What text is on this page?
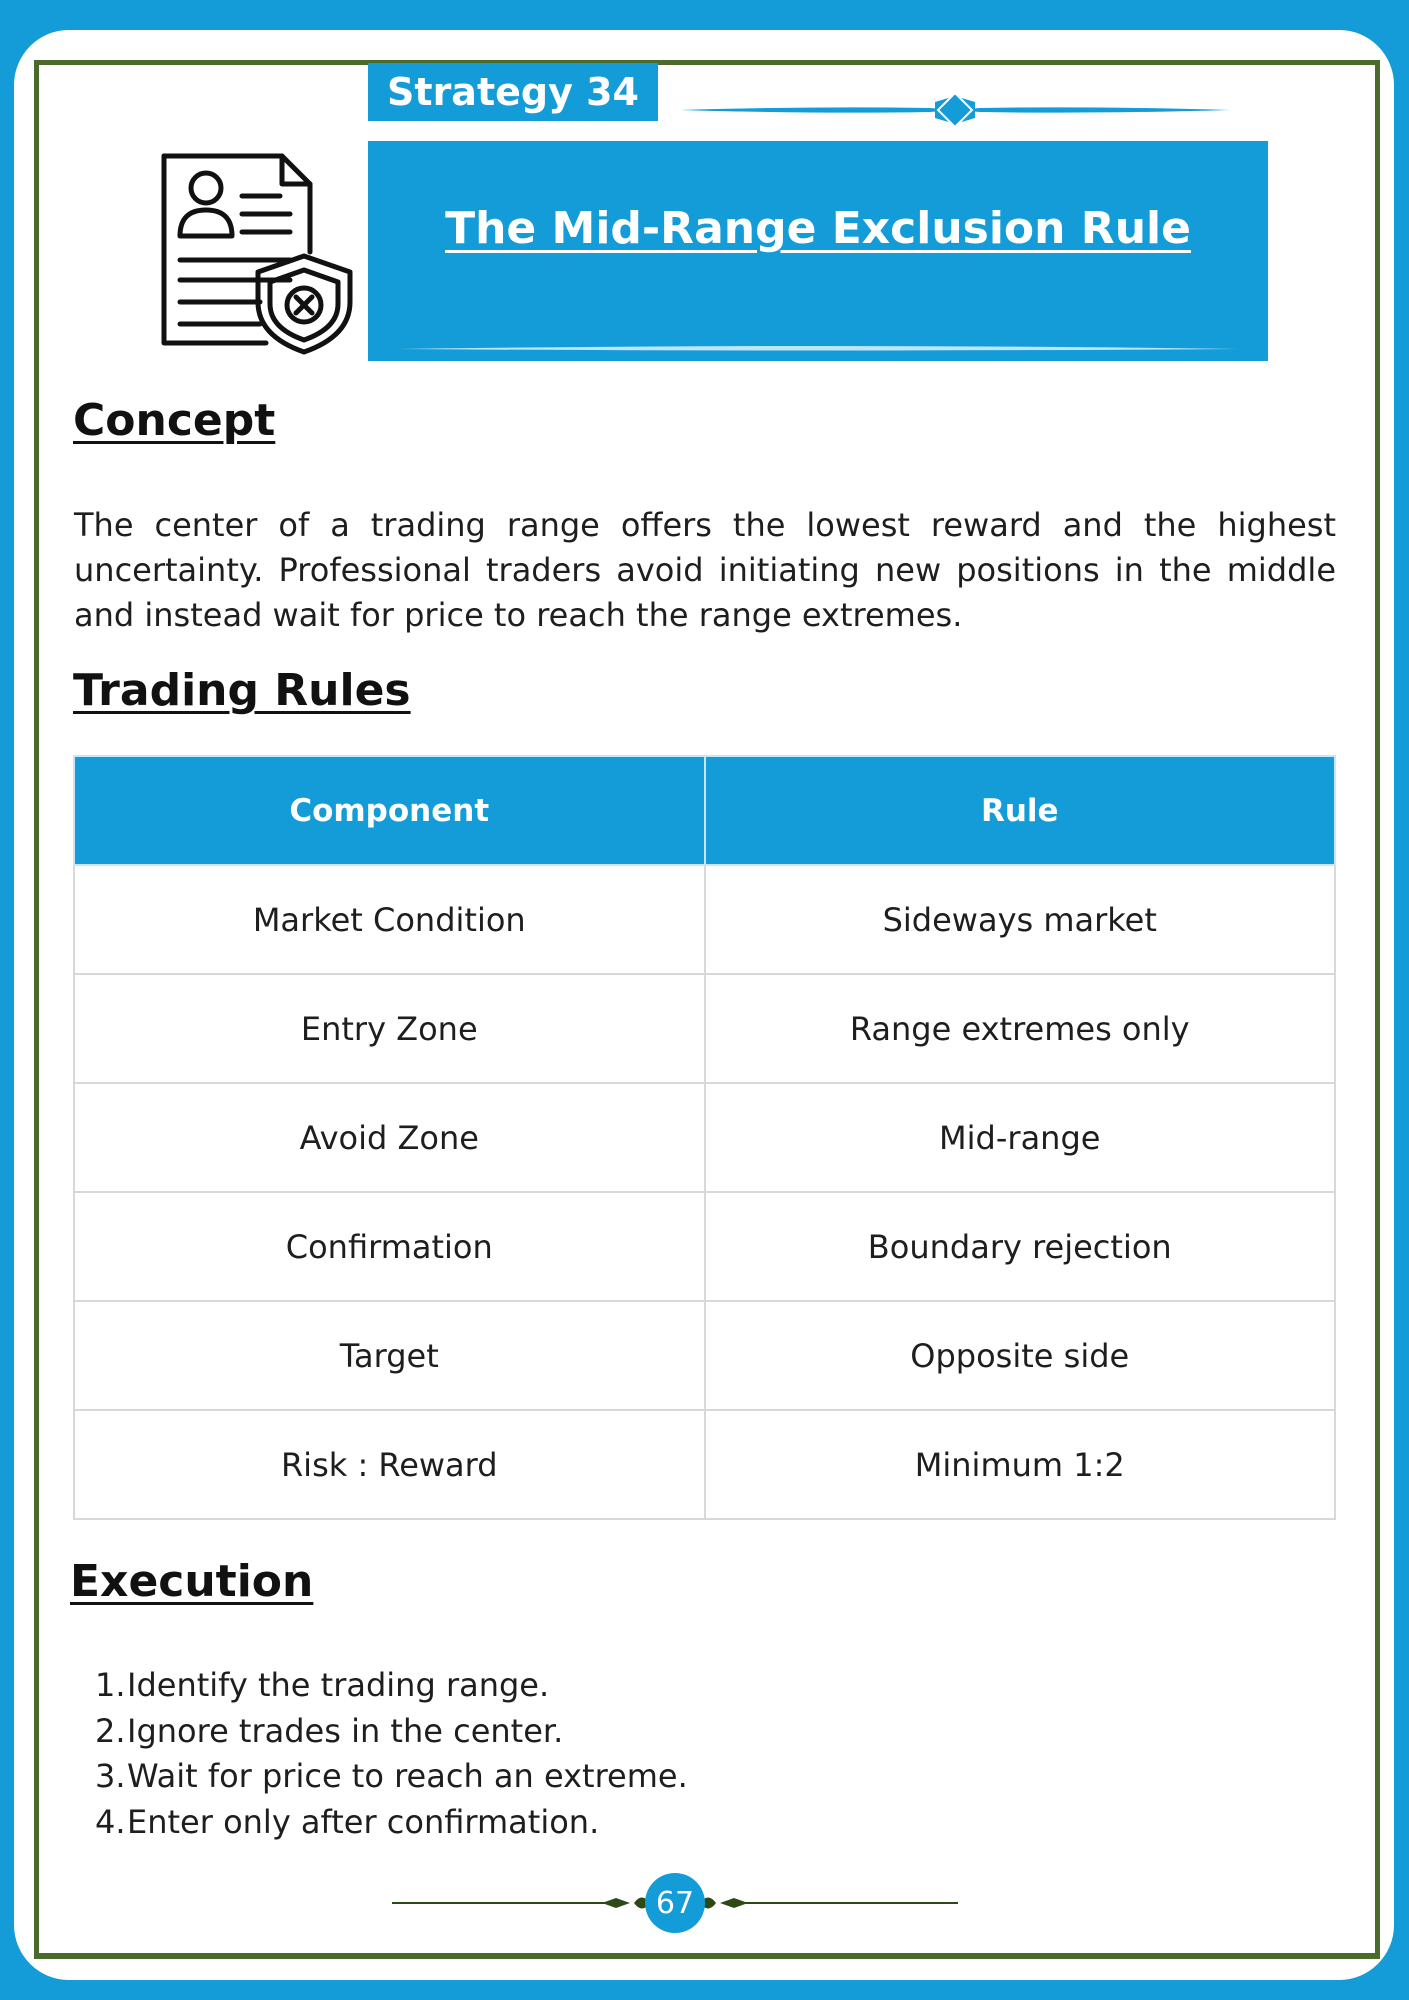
Strategy 34
The Mid-Range Exclusion Rule
Concept
The center of a trading range offers the lowest reward and the highest uncertainty. Professional traders avoid initiating new positions in the middle and instead wait for price to reach the range extremes.
Trading Rules
Component	Rule
Market Condition	Sideways market
Entry Zone	Range extremes only
Avoid Zone	Mid-range
Confirmation	Boundary rejection
Target	Opposite side
Risk : Reward	Minimum 1:2
Execution
1. Identify the trading range.
2. Ignore trades in the center.
3. Wait for price to reach an extreme.
4. Enter only after confirmation.
67
